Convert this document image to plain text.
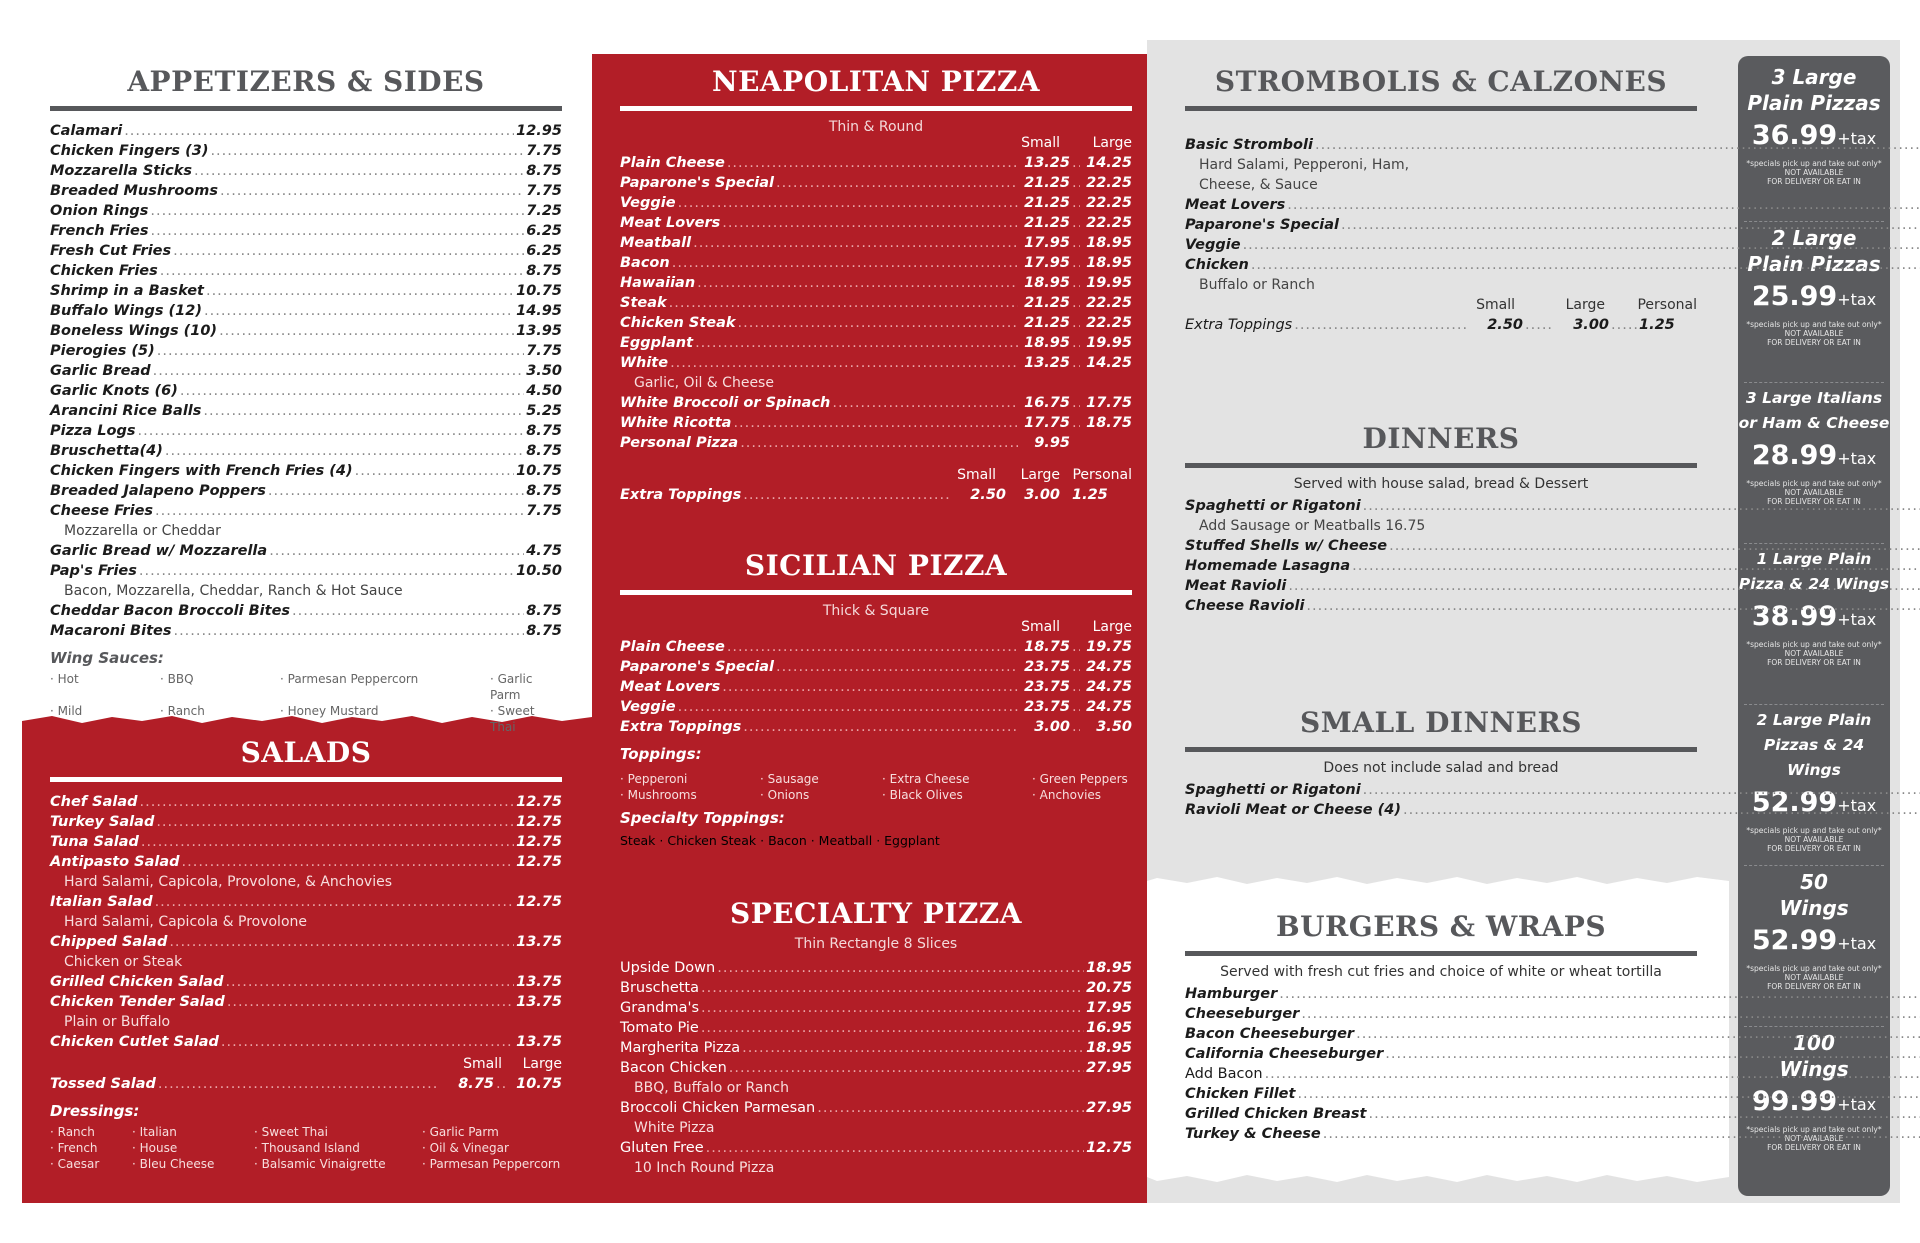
3 Large
Plain Pizzas
36.99+tax
*specials pick up and take out only*
NOT AVAILABLE
FOR DELIVERY OR EAT IN
2 Large
Plain Pizzas
25.99+tax
*specials pick up and take out only*
NOT AVAILABLE
FOR DELIVERY OR EAT IN
3 Large Italians
or Ham & Cheese
28.99+tax
*specials pick up and take out only*
NOT AVAILABLE
FOR DELIVERY OR EAT IN
1 Large Plain
Pizza & 24 Wings
38.99+tax
*specials pick up and take out only*
NOT AVAILABLE
FOR DELIVERY OR EAT IN
2 Large Plain
Pizzas & 24 Wings
52.99+tax
*specials pick up and take out only*
NOT AVAILABLE
FOR DELIVERY OR EAT IN
50
Wings
52.99+tax
*specials pick up and take out only*
NOT AVAILABLE
FOR DELIVERY OR EAT IN
100
Wings
99.99+tax
*specials pick up and take out only*
NOT AVAILABLE
FOR DELIVERY OR EAT IN
APPETIZERS & SIDES
Calamari .....	12.95
Chicken Fingers (3) .....	7.75
Mozzarella Sticks .....	8.75
Breaded Mushrooms .....	7.75
Onion Rings .....	7.25
French Fries .....	6.25
Fresh Cut Fries .....	6.25
Chicken Fries .....	8.75
Shrimp in a Basket .....	10.75
Buffalo Wings (12) .....	14.95
Boneless Wings (10) .....	13.95
Pierogies (5) .....	7.75
Garlic Bread .....	3.50
Garlic Knots (6) .....	4.50
Arancini Rice Balls .....	5.25
Pizza Logs .....	8.75
Bruschetta(4) .....	8.75
Chicken Fingers with French Fries (4) .....	10.75
Breaded Jalapeno Poppers .....	8.75
Cheese Fries .....	7.75
Mozzarella or Cheddar
Garlic Bread w/ Mozzarella .....	4.75
Pap's Fries .....	10.50
Bacon, Mozzarella, Cheddar, Ranch & Hot Sauce
Cheddar Bacon Broccoli Bites .....	8.75
Macaroni Bites .....	8.75
Wing Sauces:
· Hot	· BBQ	· Parmesan Peppercorn	· Garlic Parm
· Mild	· Ranch	· Honey Mustard	· Sweet Thai
SALADS
Chef Salad .....	12.75
Turkey Salad .....	12.75
Tuna Salad .....	12.75
Antipasto Salad .....	12.75
Hard Salami, Capicola, Provolone, & Anchovies
Italian Salad .....	12.75
Hard Salami, Capicola & Provolone
Chipped Salad .....	13.75
Chicken or Steak
Grilled Chicken Salad .....	13.75
Chicken Tender Salad .....	13.75
Plain or Buffalo
Chicken Cutlet Salad .....	13.75
Small	Large
Tossed Salad .....	8.75 .....	10.75
Dressings:
· Ranch	· Italian	· Sweet Thai	· Garlic Parm
· French	· House	· Thousand Island	· Oil & Vinegar
· Caesar	· Bleu Cheese	· Balsamic Vinaigrette	· Parmesan Peppercorn
NEAPOLITAN PIZZA
Thin & Round
Small	Large
Plain Cheese .....	13.25 ..... 14.25
Paparone's Special .....	21.25 ..... 22.25
Veggie .....	21.25 ..... 22.25
Meat Lovers .....	21.25 ..... 22.25
Meatball .....	17.95 ..... 18.95
Bacon .....	17.95 ..... 18.95
Hawaiian .....	18.95 ..... 19.95
Steak .....	21.25 ..... 22.25
Chicken Steak .....	21.25 ..... 22.25
Eggplant .....	18.95 ..... 19.95
White .....	13.25 ..... 14.25
Garlic, Oil & Cheese
White Broccoli or Spinach .....	16.75 ..... 17.75
White Ricotta .....	17.75 ..... 18.75
Personal Pizza .....	9.95
Small	Large Personal
Extra Toppings .....	2.50	3.00 1.25
SICILIAN PIZZA
Thick & Square
Small	Large
Plain Cheese .....	18.75 ..... 19.75
Paparone's Special .....	23.75 ..... 24.75
Meat Lovers .....	23.75 ..... 24.75
Veggie .....	23.75 ..... 24.75
Extra Toppings .....	3.00 .....	3.50
Toppings:
· Pepperoni	· Sausage	· Extra Cheese	· Green Peppers
· Mushrooms	· Onions	· Black Olives	· Anchovies
Specialty Toppings:
Steak · Chicken Steak · Bacon · Meatball · Eggplant
SPECIALTY PIZZA
Thin Rectangle 8 Slices
Upside Down .....	18.95
Bruschetta .....	20.75
Grandma's .....	17.95
Tomato Pie .....	16.95
Margherita Pizza .....	18.95
Bacon Chicken .....	27.95
BBQ, Buffalo or Ranch
Broccoli Chicken Parmesan .....	27.95
White Pizza
Gluten Free .....	12.75
10 Inch Round Pizza
STROMBOLIS & CALZONES
Basic Stromboli
.....
Hard Salami, Pepperoni, Ham,
Cheese, & Sauce
Meat Lovers
.....
Paparone's Special
.....
Veggie
.....
Chicken
.....
Buffalo or Ranch
Small	Large	Personal
Extra Toppings .....	2.50 .....	3.00 ..... 1.25
DINNERS
Served with house salad, bread & Dessert
Spaghetti or Rigatoni
.....
Add Sausage or Meatballs 16.75
Stuffed Shells w/ Cheese
.....
Homemade Lasagna
.....
Meat Ravioli
.....
Cheese Ravioli
.....
SMALL DINNERS
Does not include salad and bread
Spaghetti or Rigatoni
.....
Ravioli Meat or Cheese (4)
.....
BURGERS & WRAPS
Served with fresh cut fries and choice of white or wheat tortilla
Hamburger
.....
Cheeseburger
.....
Bacon Cheeseburger
.....
California Cheeseburger
.....
Add Bacon
.....
Chicken Fillet
.....
Grilled Chicken Breast
.....
Turkey & Cheese
.....
